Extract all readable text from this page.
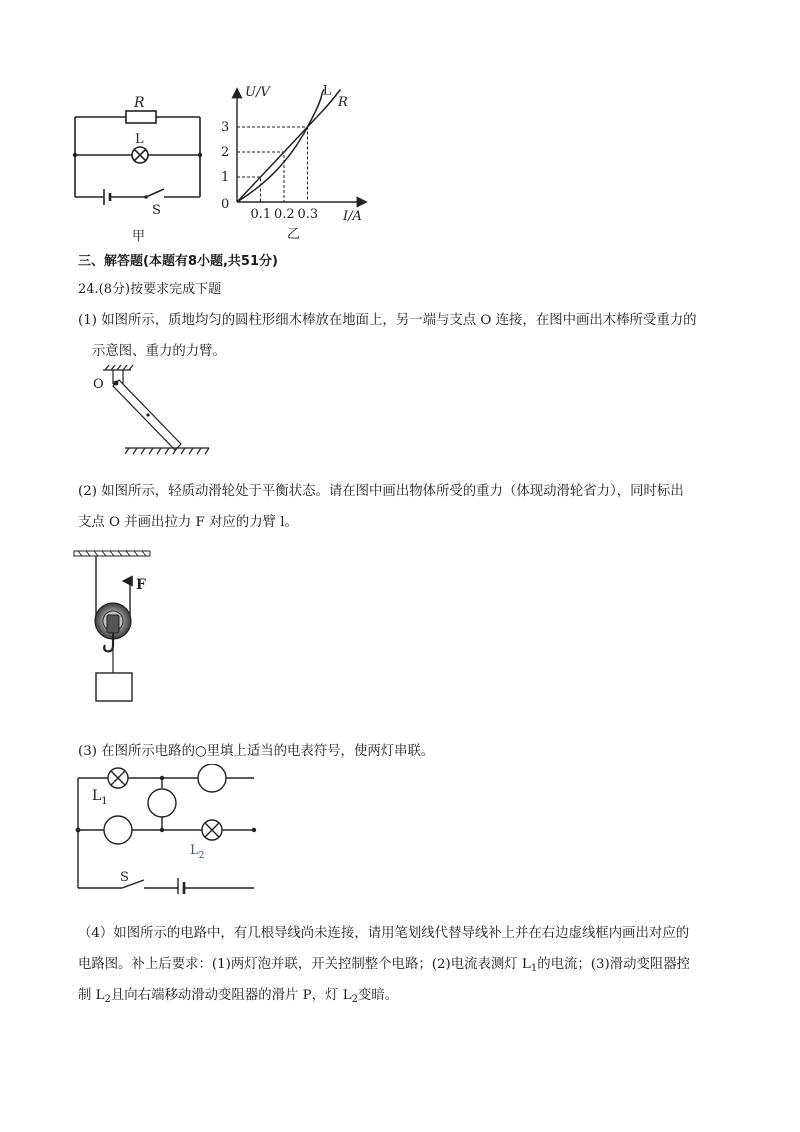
R
L
S
甲
1
2
3
0.1 0.2 0.3
L
R
U/V
I/A
0
乙
三、解答题(本题有8小题,共51分)
24.(8分)按要求完成下题
(1) 如图所示，质地均匀的圆柱形细木棒放在地面上，另一端与支点 O 连接，在图中画出木棒所受重力的
示意图、重力的力臂。
O
(2) 如图所示，轻质动滑轮处于平衡状态。请在图中画出物体所受的重力（体现动滑轮省力），同时标出
支点 O 并画出拉力 F 对应的力臂 l。
F
(3) 在图所示电路的○里填上适当的电表符号，使两灯串联。
$L_1$
$L_2$
S
（4）如图所示的电路中，有几根导线尚未连接，请用笔划线代替导线补上并在右边虚线框内画出对应的
电路图。补上后要求：(1)两灯泡并联，开关控制整个电路；(2)电流表测灯 $L_1$的电流；(3)滑动变阻器控
制 $L_2$且向右端移动滑动变阻器的滑片 P，灯 $L_2$变暗。
